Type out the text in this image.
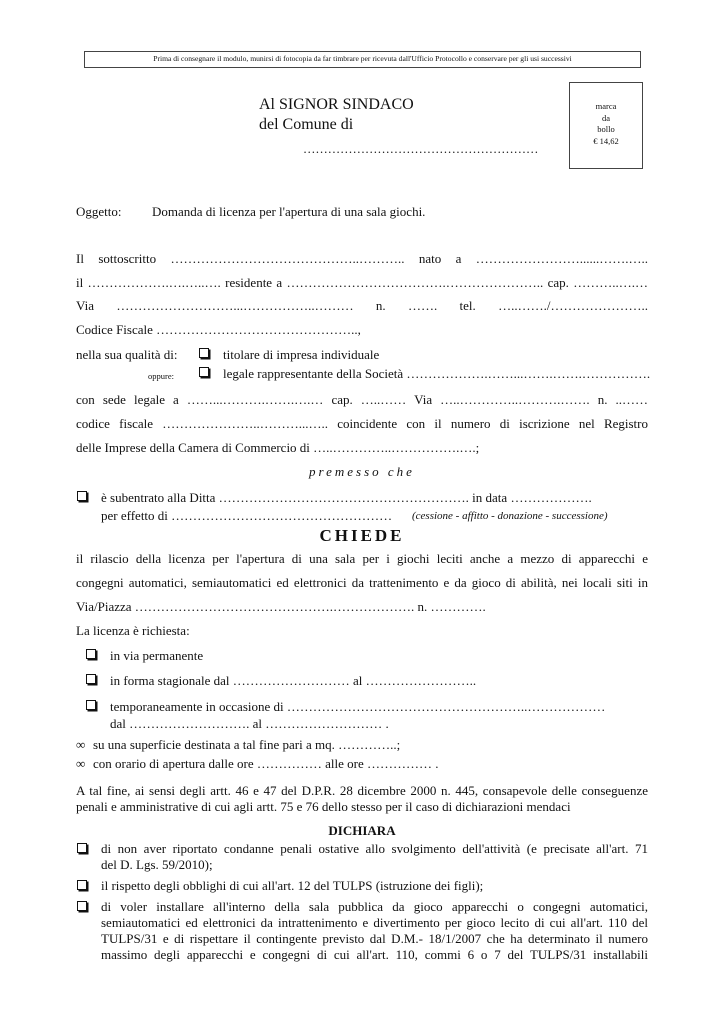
Prima di consegnare il modulo, munirsi di fotocopia da far timbrare per ricevuta dall'Ufficio Protocollo e conservare per gli usi successivi
Al SIGNOR SINDACO
del Comune di
…………………………………………………
marca
da
bollo
€ 14,62
Oggetto: Domanda di licenza per l'apertura di una sala giochi.
Il sottoscritto ……………………………………..……….. nato a ……………………......…….…..
il ……………….….…..…. residente a ……………………………….………………….. cap. ………..….…
Via ………………………...……………..……… n. ……. tel. …..……./…………………..
Codice Fiscale ………………………………………..,
nella sua qualità di:	titolare di impresa individuale
oppure:	legale rappresentante della Società ……………….……...…….…….…………….
con sede legale a ……...……….…….….… cap. …..…… Via …..…………..……….……. n. ..……
codice fiscale …………………..………...….. coincidente con il numero di iscrizione nel Registro
delle Imprese della Camera di Commercio di …..…………..…………….….;
premesso che
è subentrato alla Ditta …………………………………………………. in data ……………….
per effetto di …………………………………………… (cessione - affitto - donazione - successione)
CHIEDE
il rilascio della licenza per l'apertura di una sala per i giochi leciti anche a mezzo di apparecchi e
congegni automatici, semiautomatici ed elettronici da trattenimento e da gioco di abilità, nei locali siti in
Via/Piazza ……………………………………….………………. n. ………….
La licenza è richiesta:
in via permanente
in forma stagionale dal ……………………… al ……………………..
temporaneamente in occasione di ………………………………………………..………………
dal ………………………. al ……………………… .
∞ su una superficie destinata a tal fine pari a mq. …………..;
∞ con orario di apertura dalle ore …………… alle ore …………… .
A tal fine, ai sensi degli artt. 46 e 47 del D.P.R. 28 dicembre 2000 n. 445, consapevole delle conseguenze
penali e amministrative di cui agli artt. 75 e 76 dello stesso per il caso di dichiarazioni mendaci
DICHIARA
di non aver riportato condanne penali ostative allo svolgimento dell'attività (e precisate all'art. 71
del D. Lgs. 59/2010);
il rispetto degli obblighi di cui all'art. 12 del TULPS (istruzione dei figli);
di voler installare all'interno della sala pubblica da gioco apparecchi o congegni automatici,
semiautomatici ed elettronici da intrattenimento e divertimento per gioco lecito di cui all'art. 110 del
TULPS/31 e di rispettare il contingente previsto dal D.M.- 18/1/2007 che ha determinato il numero
massimo degli apparecchi e congegni di cui all'art. 110, commi 6 o 7 del TULPS/31 installabili
